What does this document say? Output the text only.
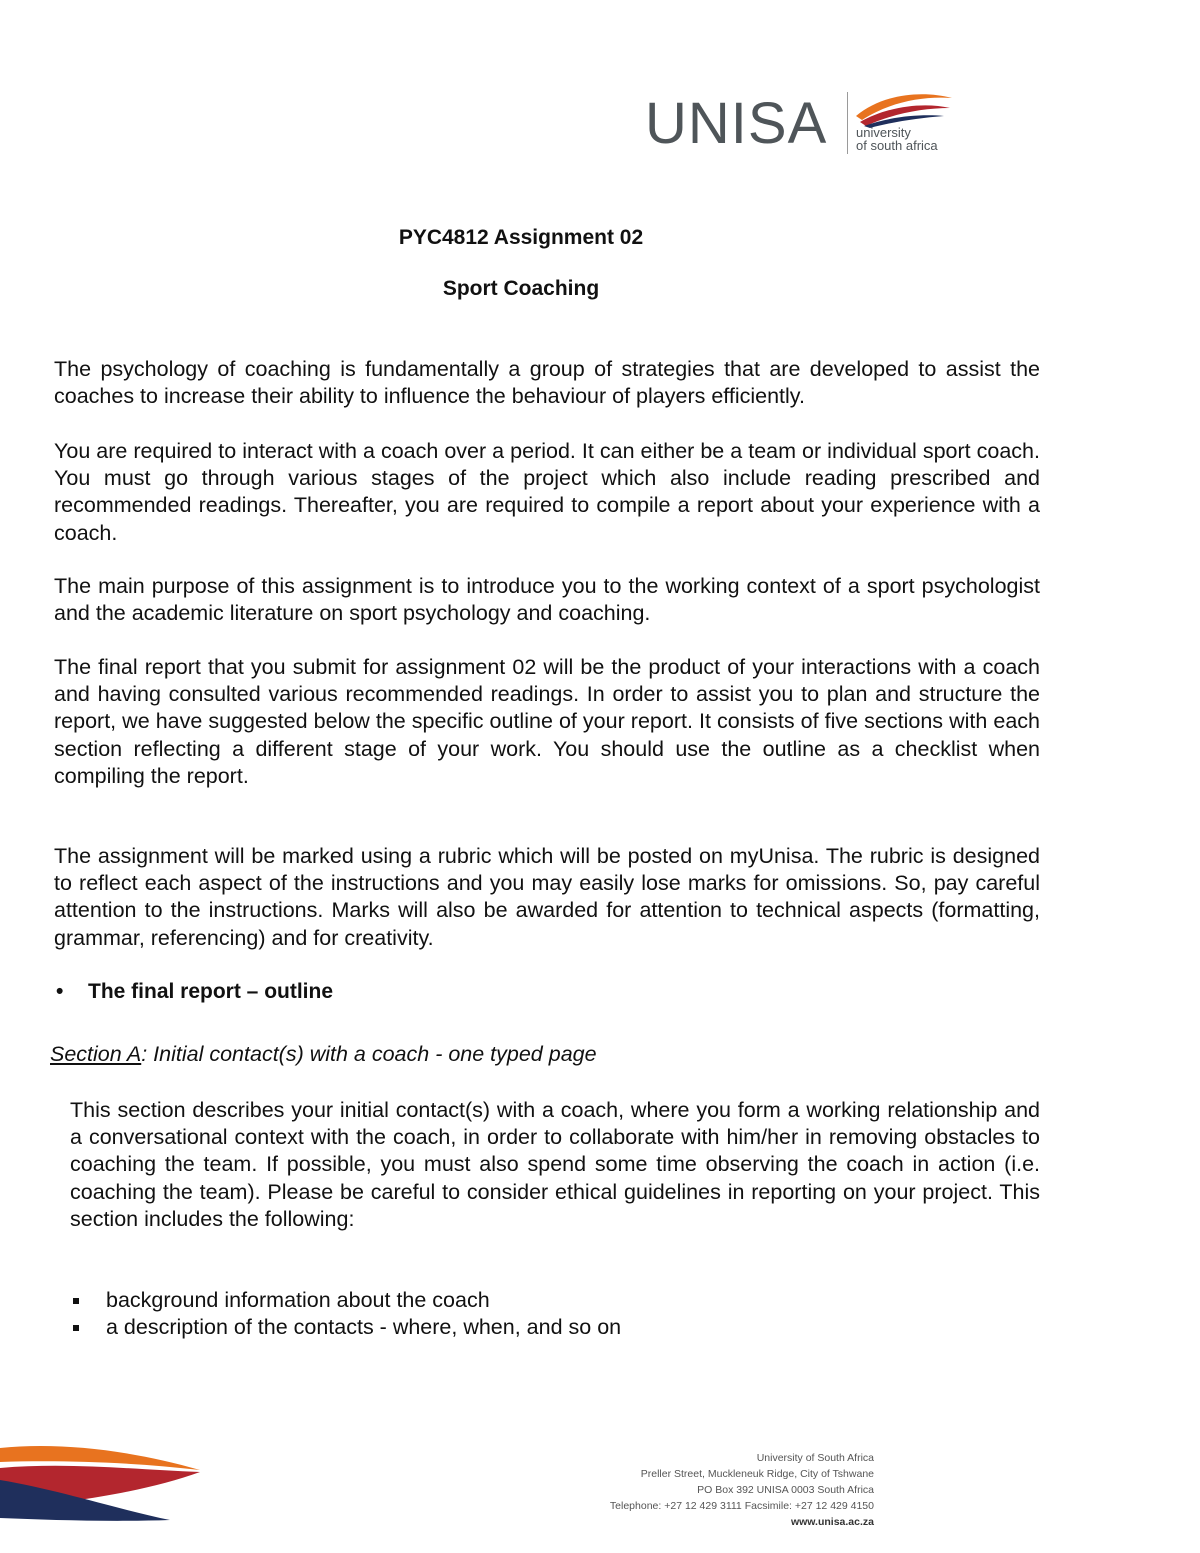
UNISA university
of south africa
PYC4812 Assignment 02
Sport Coaching

The psychology of coaching is fundamentally a group of strategies that are developed to assist the coaches to increase their ability to influence the behaviour of players efficiently.

You are required to interact with a coach over a period. It can either be a team or individual sport coach. You must go through various stages of the project which also include reading prescribed and recommended readings. Thereafter, you are required to compile a report about your experience with a coach.

The main purpose of this assignment is to introduce you to the working context of a sport psychologist and the academic literature on sport psychology and coaching.

The final report that you submit for assignment 02 will be the product of your interactions with a coach and having consulted various recommended readings. In order to assist you to plan and structure the report, we have suggested below the specific outline of your report. It consists of five sections with each section reflecting a different stage of your work. You should use the outline as a checklist when compiling the report.

The assignment will be marked using a rubric which will be posted on myUnisa. The rubric is designed to reflect each aspect of the instructions and you may easily lose marks for omissions. So, pay careful attention to the instructions. Marks will also be awarded for attention to technical aspects (formatting, grammar, referencing) and for creativity.

• The final report – outline
Section A: Initial contact(s) with a coach - one typed page

This section describes your initial contact(s) with a coach, where you form a working relationship and a conversational context with the coach, in order to collaborate with him/her in removing obstacles to coaching the team. If possible, you must also spend some time observing the coach in action (i.e. coaching the team). Please be careful to consider ethical guidelines in reporting on your project. This section includes the following:

background information about the coach
a description of the contacts - where, when, and so on
University of South Africa
Preller Street, Muckleneuk Ridge, City of Tshwane
PO Box 392 UNISA 0003 South Africa
Telephone: +27 12 429 3111 Facsimile: +27 12 429 4150
www.unisa.ac.za
